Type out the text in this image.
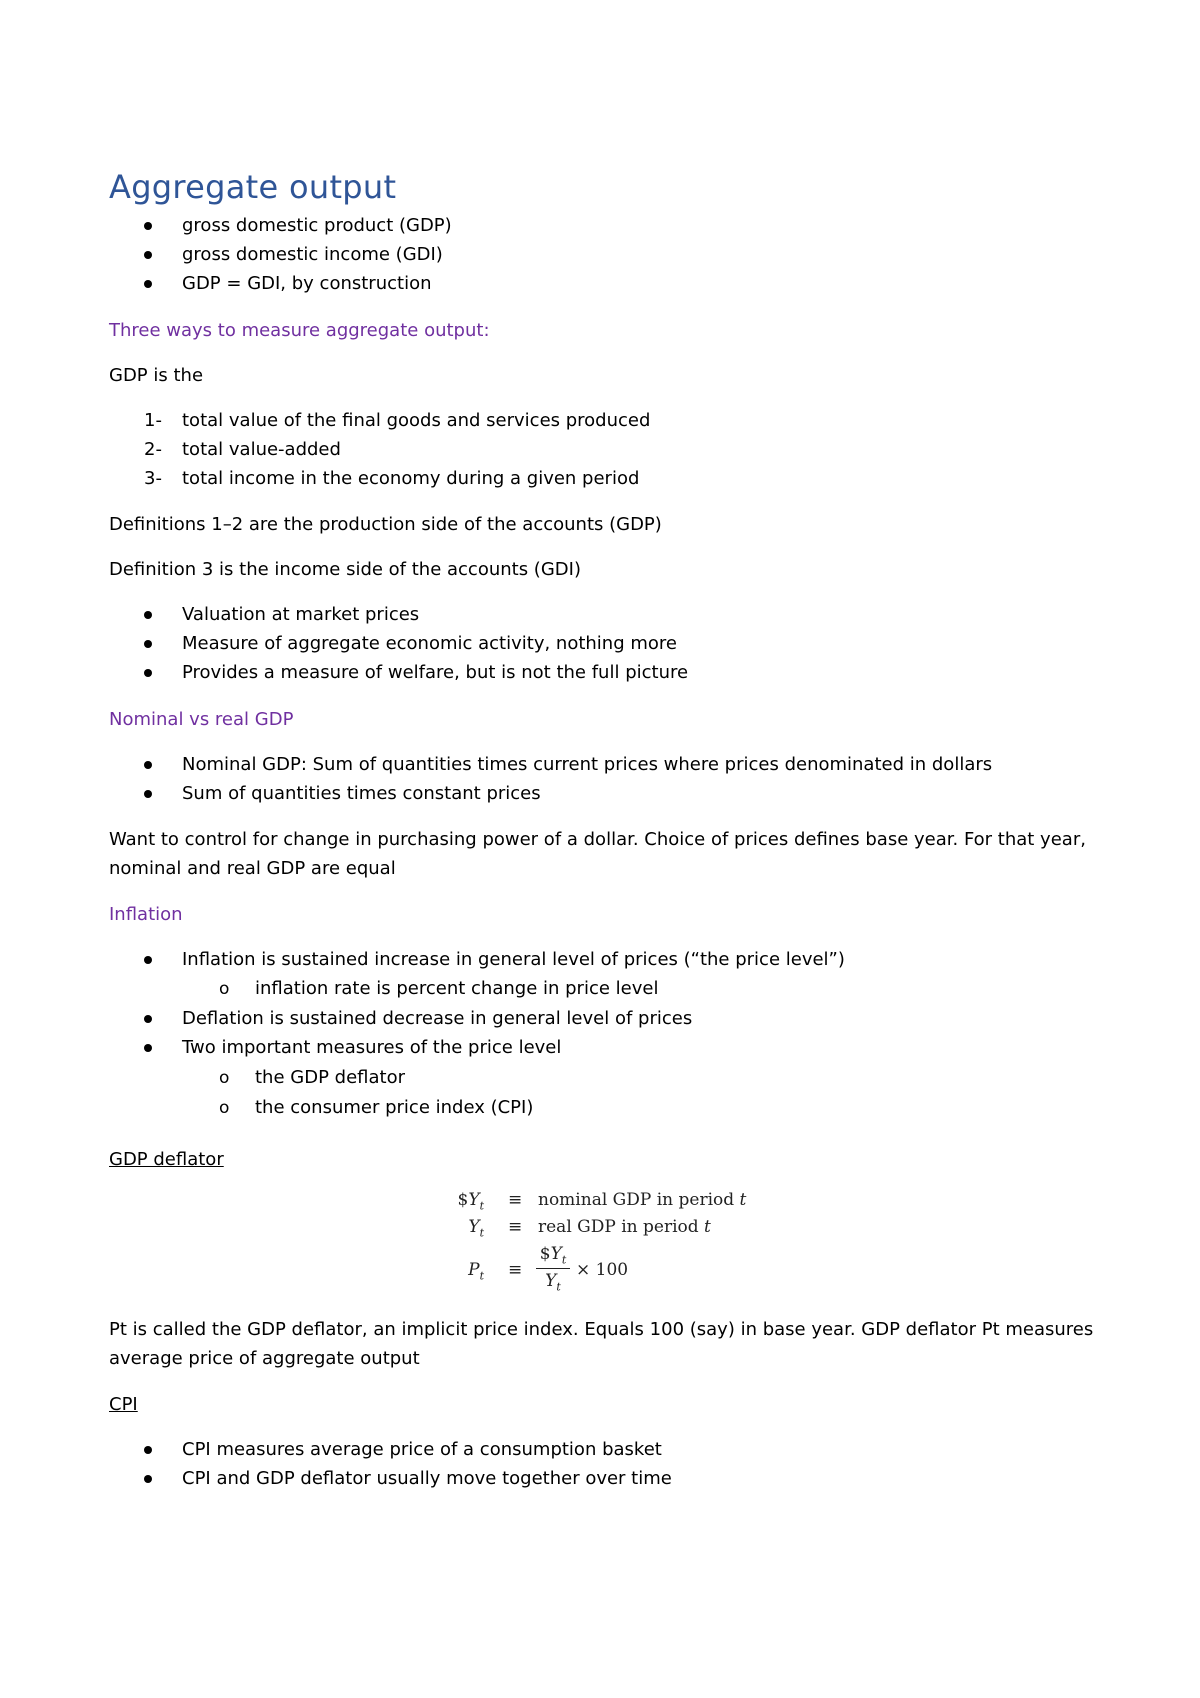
Aggregate output
gross domestic product (GDP)
gross domestic income (GDI)
GDP = GDI, by construction
Three ways to measure aggregate output:
GDP is the
1- total value of the final goods and services produced
2- total value-added
3- total income in the economy during a given period
Definitions 1–2 are the production side of the accounts (GDP)
Definition 3 is the income side of the accounts (GDI)
Valuation at market prices
Measure of aggregate economic activity, nothing more
Provides a measure of welfare, but is not the full picture
Nominal vs real GDP
Nominal GDP: Sum of quantities times current prices where prices denominated in dollars
Sum of quantities times constant prices
Want to control for change in purchasing power of a dollar. Choice of prices defines base year. For that year,
nominal and real GDP are equal
Inflation
Inflation is sustained increase in general level of prices (“the price level”)
o inflation rate is percent change in price level
Deflation is sustained decrease in general level of prices
Two important measures of the price level
o the GDP deflator
o the consumer price index (CPI)
GDP deflator
$\$Y_t$ ≡ nominal GDP in period t
$Y_t$ ≡ real GDP in period t
$P_t$ ≡
$\$Y_t$
$Y_t$
× 100
Pt is called the GDP deflator, an implicit price index. Equals 100 (say) in base year. GDP deflator Pt measures
average price of aggregate output
CPI
CPI measures average price of a consumption basket
CPI and GDP deflator usually move together over time
